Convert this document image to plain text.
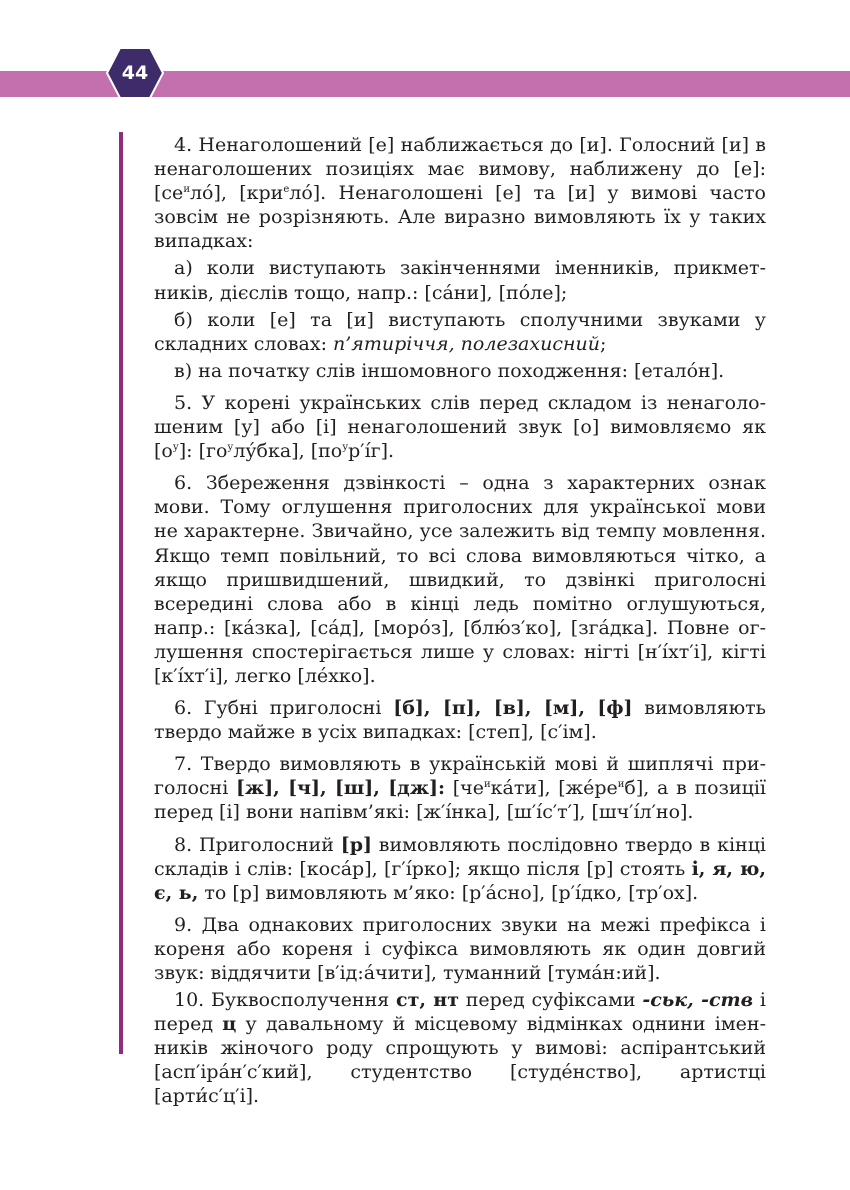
44

4. Ненаголошений [е] наближається до [и]. Голосний [и] в ненаголошених позиціях має вимову, наближену до [е]: $[се^ило́]$, [кри$^е$ло́]. Ненаголошені [е] та [и] у вимові часто зовсім не розрізняють. Але виразно вимовляють їх у таких випадках:

а) коли виступають закінченнями іменників, прикметників, дієслів тощо, напр.: [са́ни], [по́ле];

б) коли [е] та [и] виступають сполучними звуками у складних словах: п’ятиріччя, полезахисний;

в) на початку слів іншомовного походження: [етало́н].

5. У корені українських слів перед складом із ненаголошеним [у] або [і] ненаголошений звук [о] вимовляємо як $[о^у]$: $[го^улу́бка]$, $[по^ур'і́г]$.

6. Збереження дзвінкості – одна з характерних ознак мови. Тому оглушення приголосних для української мови не характерне. Звичайно, усе залежить від темпу мовлення. Якщо темп повільний, то всі слова вимовляються чітко, а якщо пришвидшений, швидкий, то дзвінкі приголосні всередині слова або в кінці ледь помітно оглушуються, напр.: [ка́зка], [са́д], [моро́з], [блю́з′ко], [зга́дка]. Повне оглушення спостерігається лише у словах: нігті [н′і́хт′і], кігті [к′і́хт′і], легко [ле́хко].

6. Губні приголосні [б], [п], [в], [м], [ф] вимовляють твердо майже в усіх випадках: [степ], [с′ім].

7. Твердо вимовляють в українській мові й шиплячі приголосні [ж], [ч], [ш], [дж]: $[че^ика́ти]$, $[же́ре^иб]$, а в позиції перед [і] вони напівм’які: [ж′і́нка], [ш′і́с′т′], [шч′і́л′но].

8. Приголосний [р] вимовляють послідовно твердо в кінці складів і слів: [коса́р], [г′і́рко]; якщо після [р] стоять і, я, ю, є, ь, то [р] вимовляють м’яко: [р′а́сно], [р′і́дко, [тр′ох].

9. Два однакових приголосних звуки на межі префікса і кореня або кореня і суфікса вимовляють як один довгий звук: віддячити [в′ід:а́чити], туманний [тума́н:ий].

10. Буквосполучення ст, нт перед суфіксами -ськ, -ств і перед ц у давальному й місцевому відмінках однини іменників жіночого роду спрощують у вимові: аспірантський [асп′іра́н′с′кий], студентство [студе́нство], артистці [арти́с′ц′і].
